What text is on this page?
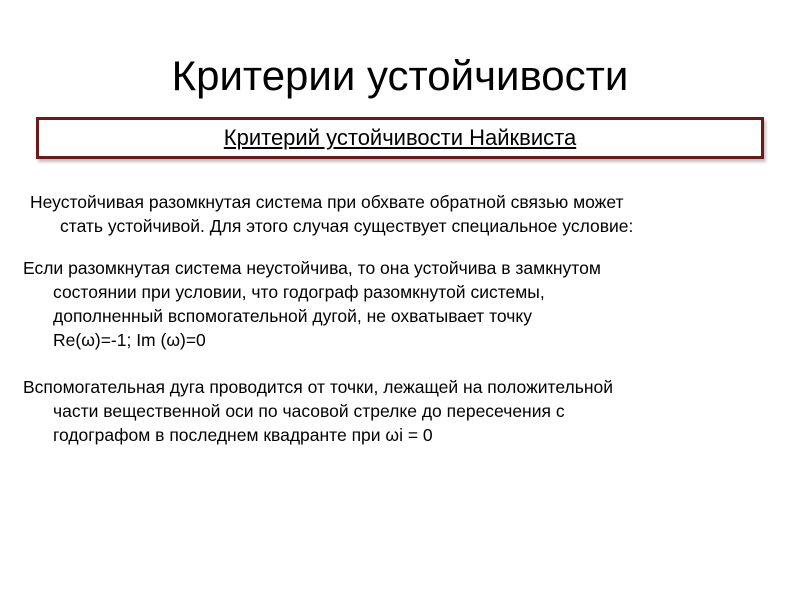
Критерии устойчивости
Критерий устойчивости Найквиста

Неустойчивая разомкнутая система при обхвате обратной связью может
стать устойчивой. Для этого случая существует специальное условие:

Если разомкнутая система неустойчива, то она устойчива в замкнутом
состоянии при условии, что годограф разомкнутой системы,
дополненный вспомогательной дугой, не охватывает точку
Re(ω)=-1; Im (ω)=0

Вспомогательная дуга проводится от точки, лежащей на положительной
части вещественной оси по часовой стрелке до пересечения с
годографом в последнем квадранте при ωi = 0
